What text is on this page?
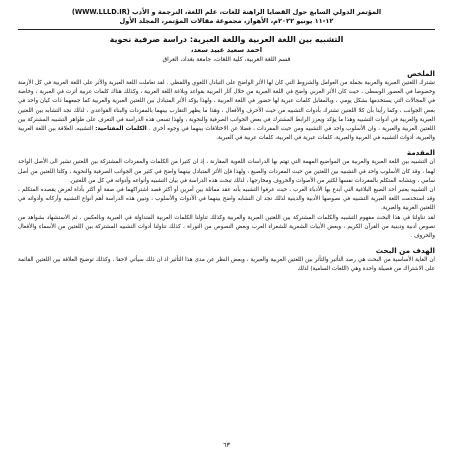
المؤتمر الدولي السابع حول القضايا الراهنة للغات، علم اللغة، الترجمة و الأدب (WWW.LLLD.IR)
۱۱-۱۲ يونيو ۲۰۲۲م، الأهواز، مجموعة مقالات المؤتمر، المجلد الأول
التشبيه بين اللغة العربية واللغة العبرية: دراسة صرفية نحوية
احمد سعيد عبيد سعد،
قسم اللغة العربية، كلية اللغات، جامعة بغداد، العراق
الملخص

تشترك اللغتين العبرية والعربية بجملة من العوامل والشروط التي كان لها الأثر الواضح على التبادل اللغوي واللفظي . لقد تعاملت اللغة العبرية والأثر على اللغة العربية في كل الأزمنة وخصوصا في العصور الوسطى ، حيث كان الأثر العربي واضح في اللغة العبرية من خلال آثار العربية بقواعد وبلاغة اللغة العربية ، وكذلك هناك كلمات عربية أثرت في العبرية ، وخاصة في المجالات التي يستخدمها بشكل يومي ، وبالمقابل كلمات عبرية لها حضور في اللغة العربية ، ولهذا يؤكد الأثر المتبادل بين اللغتين العبرية والعربية كما جمعهما ذات كيان واحد في بعض الجوانب ، وكما رأينا بأن كلا اللغتين تشترك بأدوات التشبيه من حيث الأحرف والأفعال ، وهذا ما يظهر التقارب بينهما بالمفردات والبناء القواعدي ، لذلك نجد التشابه بين اللغتين العبرية والعربية في أدوات التشبيه وهذا ما يؤكد ويعزز الرابط المشترك في بعض الجوانب الصرفية والنحوية ، ولهذا تسعى هذه الدراسة في التعرف على ظواهر التشبيه المشتركة بين اللغتين العربية والعبرية ، وان الأسلوب واحد في التشبيه ومن حيث المفردات ، فضلا عن الاختلافات بينهما في وجوه أخرى . الكلمات المفتاحية: التشبيه، العلاقة بين اللغة العربية والعبرية، أدوات التشبيه في العربية والعبرية، كلمات عبرية في العربية، كلمات عربية في العبرية.

المقدمة

ان التشبيه بين اللغة العبرية والعربية من المواضيع المهمة التي تهتم بها الدراسات اللغوية المقارنة ، إذ ان كثيرا من الكلمات والمفردات المشتركة بين اللغتين تشير الى الأصل الواحد لهما ، وقد كان الأسلوب واحد في التشبيه بين اللغتين من حيث المفردات والصيغ ، ولهذا فإن الأثر المتبادل بينهما واضح في كثير من الجوانب الصرفية والنحوية ، وكلتا اللغتين من أصل سامي ، ويتشابه المتكلم بالمفردات نفسها لكثير من الأصوات والحروف ومخارجها ، لذلك تبحث هذه الدراسة في بيان التشبيه وأنواعه وأدواته في كل من اللغتين.

ان التشبيه يعتبر أحد الصيغ البلاغية التي أبدع بها الأدباء العرب ، حيث عرفوا التشبيه بأنه عقد مماثلة بين أمرين أو أكثر قصد اشتراكهما في صفة أو أكثر بأداة لغرض يقصده المتكلم ، وقد استخدمت اللغة العبرية التشبيه في نصوصها الأدبية والدينية لذلك نجد ان التشابه واضح بينهما في الأدوات والأسلوب ، وتبين هذه الدراسة أهم أنواع التشبيه وأركانه وأدواته في اللغتين العربية والعبرية.

لقد تناولنا في هذا البحث مفهوم التشبيه والكلمات المشتركة بين اللغتين العبرية والعربية وكذلك تناولنا الكلمات العربية المتداولة في العبرية وبالعكس ، ثم الاستشهاد بشواهد من نصوص أدبية ودينية من القرآن الكريم ، وبعض الأبيات الشعرية للشعراء العرب وبعض النصوص من التوراة ، كذلك تناولنا أدوات التشبيه المشتركة بين اللغتين من الأسماء والأفعال والحروف .

الهدف من البحث

ان الغاية الأساسية من البحث هي رصد التأثير والتأثر بين اللغتين العربية والعبرية ، وبعض النظر عن مدى هذا التأثير اذ ان ذلك سيأتي لاحقا ، وكذلك توضيح العلاقة بين اللغتين القائمة على الاشتراك من فصيلة واحدة وهي (اللغات السامية) لذلك

٦٣
